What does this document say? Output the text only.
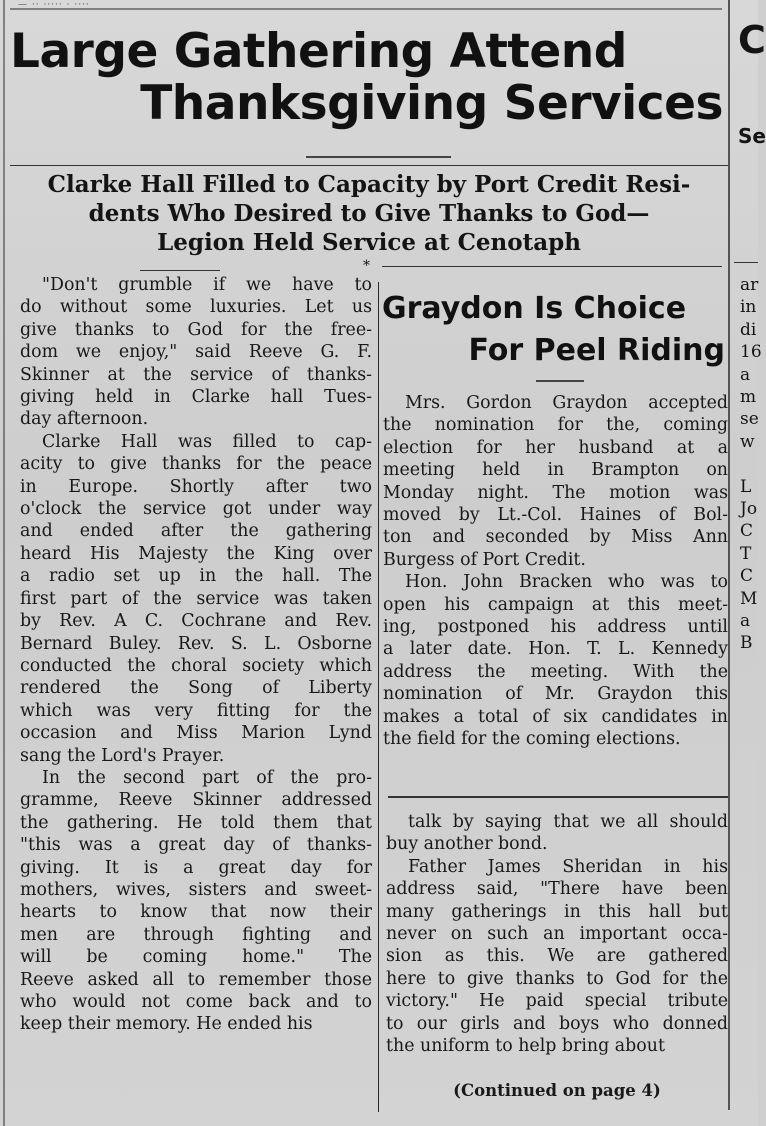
— ·· ····· · ····
Large Gathering Attend
Thanksgiving Services
Clarke Hall Filled to Capacity by Port Credit Resi-
dents Who Desired to Give Thanks to God—
Legion Held Service at Cenotaph
*

"Don't grumble if we have to
do without some luxuries. Let us
give thanks to God for the free-
dom we enjoy," said Reeve G. F.
Skinner at the service of thanks-
giving held in Clarke hall Tues-
day afternoon.

Clarke Hall was filled to cap-
acity to give thanks for the peace
in Europe. Shortly after two
o'clock the service got under way
and ended after the gathering
heard His Majesty the King over
a radio set up in the hall. The
first part of the service was taken
by Rev. A C. Cochrane and Rev.
Bernard Buley. Rev. S. L. Osborne
conducted the choral society which
rendered the Song of Liberty
which was very fitting for the
occasion and Miss Marion Lynd
sang the Lord's Prayer.

In the second part of the pro-
gramme, Reeve Skinner addressed
the gathering. He told them that
"this was a great day of thanks-
giving. It is a great day for
mothers, wives, sisters and sweet-
hearts to know that now their
men are through fighting and
will be coming home." The
Reeve asked all to remember those
who would not come back and to
keep their memory. He ended his

Graydon Is Choice
For Peel Riding

Mrs. Gordon Graydon accepted
the nomination for the, coming
election for her husband at a
meeting held in Brampton on
Monday night. The motion was
moved by Lt.-Col. Haines of Bol-
ton and seconded by Miss Ann
Burgess of Port Credit.

Hon. John Bracken who was to
open his campaign at this meet-
ing, postponed his address until
a later date. Hon. T. L. Kennedy
address the meeting. With the
nomination of Mr. Graydon this
makes a total of six candidates in
the field for the coming elections.

talk by saying that we all should
buy another bond.

Father James Sheridan in his
address said, "There have been
many gatherings in this hall but
never on such an important occa-
sion as this. We are gathered
here to give thanks to God for the
victory." He paid special tribute
to our girls and boys who donned
the uniform to help bring about

(Continued on page 4)
C
Se
ar
in
di
16
a
m
se
w
L
Jo
C
T
C
M
a
B
